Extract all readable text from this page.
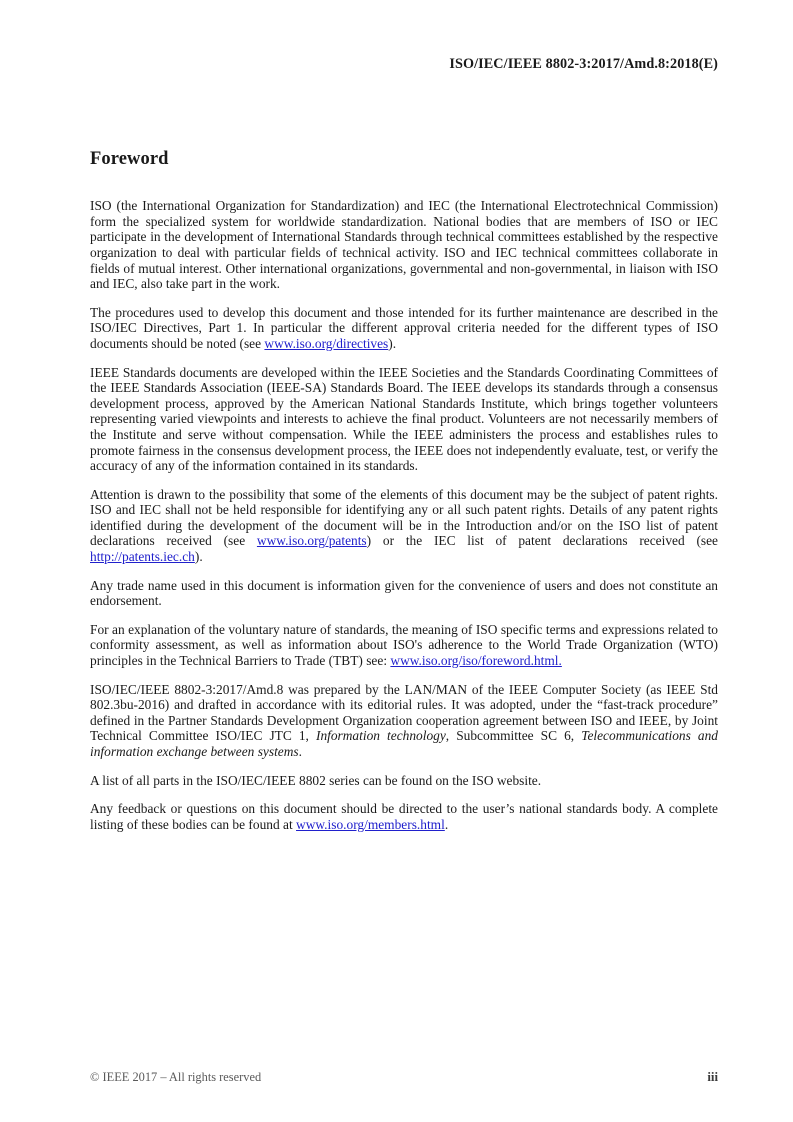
ISO/IEC/IEEE 8802-3:2017/Amd.8:2018(E)
Foreword

ISO (the International Organization for Standardization) and IEC (the International Electrotechnical Commission) form the specialized system for worldwide standardization. National bodies that are members of ISO or IEC participate in the development of International Standards through technical committees established by the respective organization to deal with particular fields of technical activity. ISO and IEC technical committees collaborate in fields of mutual interest. Other international organizations, governmental and non-governmental, in liaison with ISO and IEC, also take part in the work.

The procedures used to develop this document and those intended for its further maintenance are described in the ISO/IEC Directives, Part 1. In particular the different approval criteria needed for the different types of ISO documents should be noted (see www.iso.org/directives).

IEEE Standards documents are developed within the IEEE Societies and the Standards Coordinating Committees of the IEEE Standards Association (IEEE-SA) Standards Board. The IEEE develops its standards through a consensus development process, approved by the American National Standards Institute, which brings together volunteers representing varied viewpoints and interests to achieve the final product. Volunteers are not necessarily members of the Institute and serve without compensation. While the IEEE administers the process and establishes rules to promote fairness in the consensus development process, the IEEE does not independently evaluate, test, or verify the accuracy of any of the information contained in its standards.

Attention is drawn to the possibility that some of the elements of this document may be the subject of patent rights. ISO and IEC shall not be held responsible for identifying any or all such patent rights. Details of any patent rights identified during the development of the document will be in the Introduction and/or on the ISO list of patent declarations received (see www.iso.org/patents) or the IEC list of patent declarations received (see http://patents.iec.ch).

Any trade name used in this document is information given for the convenience of users and does not constitute an endorsement.

For an explanation of the voluntary nature of standards, the meaning of ISO specific terms and expressions related to conformity assessment, as well as information about ISO's adherence to the World Trade Organization (WTO) principles in the Technical Barriers to Trade (TBT) see: www.iso.org/iso/foreword.html.

ISO/IEC/IEEE 8802-3:2017/Amd.8 was prepared by the LAN/MAN of the IEEE Computer Society (as IEEE Std 802.3bu-2016) and drafted in accordance with its editorial rules. It was adopted, under the “fast-track procedure” defined in the Partner Standards Development Organization cooperation agreement between ISO and IEEE, by Joint Technical Committee ISO/IEC JTC 1, Information technology, Subcommittee SC 6, Telecommunications and information exchange between systems.

A list of all parts in the ISO/IEC/IEEE 8802 series can be found on the ISO website.

Any feedback or questions on this document should be directed to the user’s national standards body. A complete listing of these bodies can be found at www.iso.org/members.html.

© IEEE 2017 – All rights reserved	iii
